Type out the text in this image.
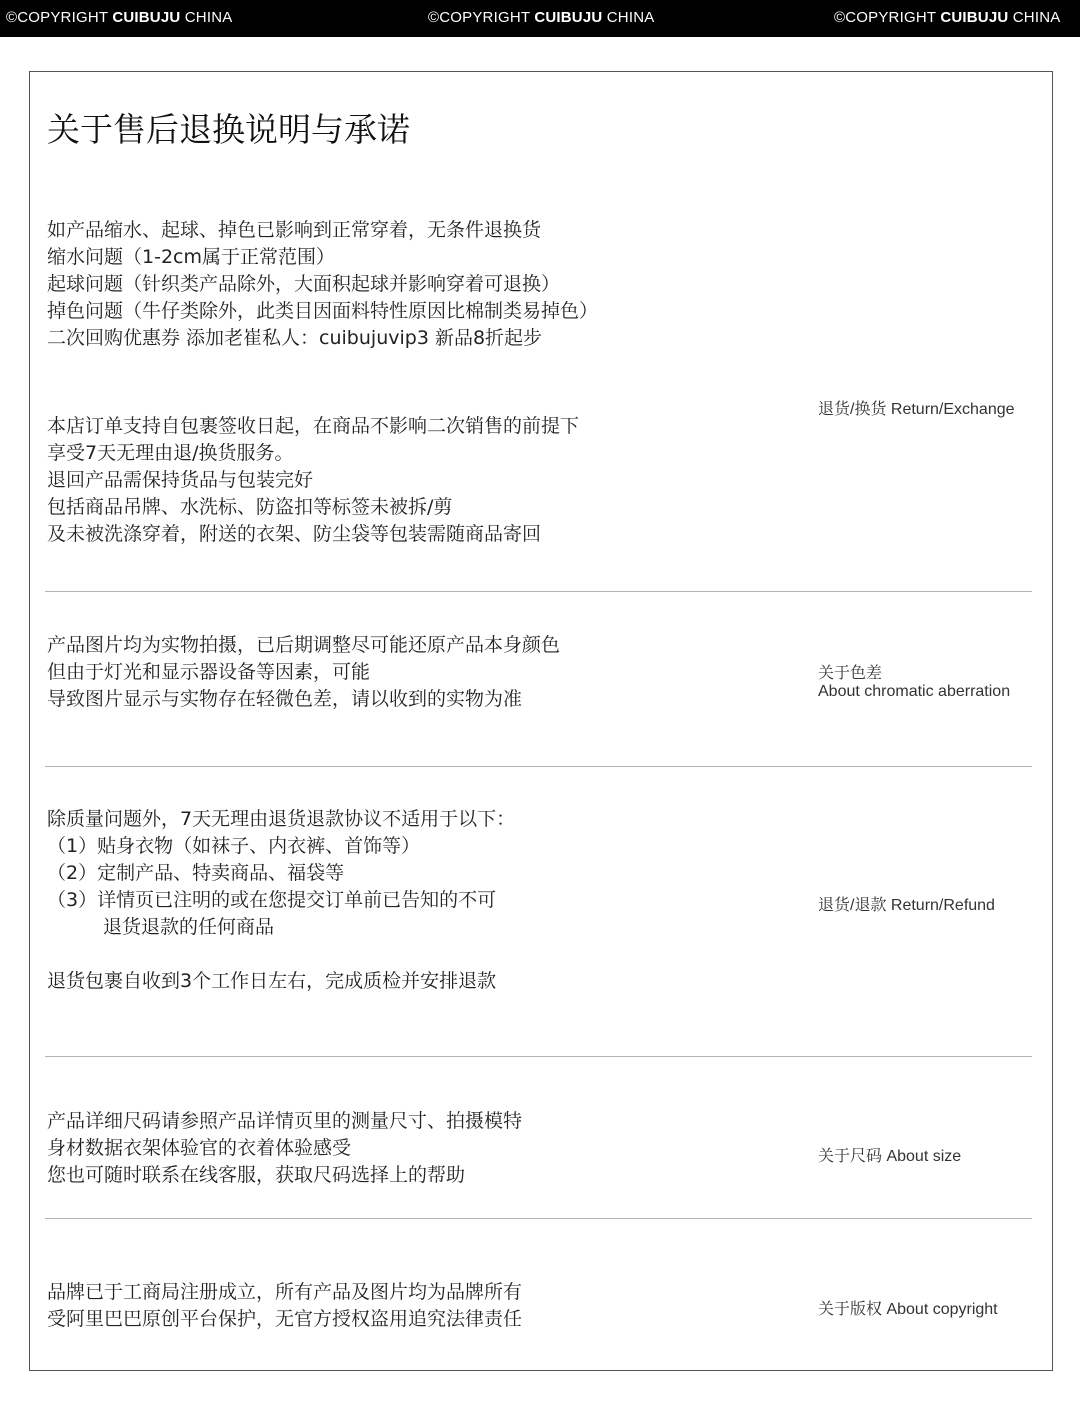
©COPYRIGHT CUIBUJU CHINA	©COPYRIGHT CUIBUJU CHINA	©COPYRIGHT CUIBUJU CHINA
关于售后退换说明与承诺
如产品缩水、起球、掉色已影响到正常穿着，无条件退换货
缩水问题（1-2cm属于正常范围）
起球问题（针织类产品除外，大面积起球并影响穿着可退换）
掉色问题（牛仔类除外，此类目因面料特性原因比棉制类易掉色）
二次回购优惠券 添加老崔私人：cuibujuvip3 新品8折起步
退货/换货 Return/Exchange
本店订单支持自包裹签收日起，在商品不影响二次销售的前提下
享受7天无理由退/换货服务。
退回产品需保持货品与包装完好
包括商品吊牌、水洗标、防盗扣等标签未被拆/剪
及未被洗涤穿着，附送的衣架、防尘袋等包装需随商品寄回
关于色差
About chromatic aberration
产品图片均为实物拍摄，已后期调整尽可能还原产品本身颜色
但由于灯光和显示器设备等因素，可能
导致图片显示与实物存在轻微色差，请以收到的实物为准
退货/退款 Return/Refund
除质量问题外，7天无理由退货退款协议不适用于以下：
（1）贴身衣物（如袜子、内衣裤、首饰等）
（2）定制产品、特卖商品、福袋等
（3）详情页已注明的或在您提交订单前已告知的不可
退货退款的任何商品
退货包裹自收到3个工作日左右，完成质检并安排退款
关于尺码 About size
产品详细尺码请参照产品详情页里的测量尺寸、拍摄模特
身材数据衣架体验官的衣着体验感受
您也可随时联系在线客服，获取尺码选择上的帮助
关于版权 About copyright
品牌已于工商局注册成立，所有产品及图片均为品牌所有
受阿里巴巴原创平台保护，无官方授权盗用追究法律责任
